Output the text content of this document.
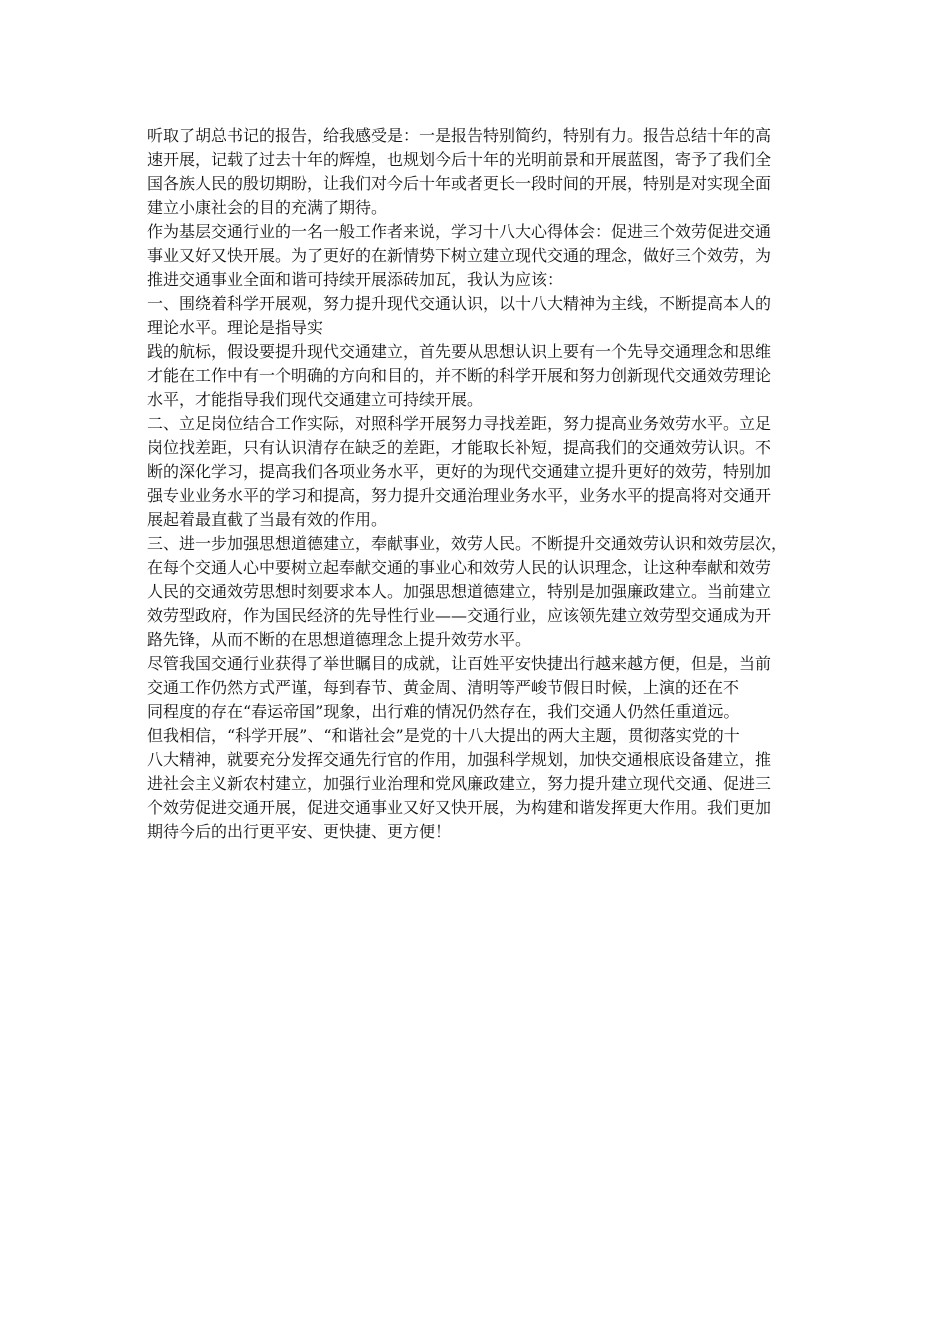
听取了胡总书记的报告，给我感受是：一是报告特别简约，特别有力。报告总结十年的高
速开展，记载了过去十年的辉煌，也规划今后十年的光明前景和开展蓝图，寄予了我们全
国各族人民的殷切期盼，让我们对今后十年或者更长一段时间的开展，特别是对实现全面
建立小康社会的目的充满了期待。
作为基层交通行业的一名一般工作者来说，学习十八大心得体会：促进三个效劳促进交通
事业又好又快开展。为了更好的在新情势下树立建立现代交通的理念，做好三个效劳，为
推进交通事业全面和谐可持续开展添砖加瓦，我认为应该：
一、围绕着科学开展观，努力提升现代交通认识，以十八大精神为主线，不断提高本人的
理论水平。理论是指导实
践的航标，假设要提升现代交通建立，首先要从思想认识上要有一个先导交通理念和思维
才能在工作中有一个明确的方向和目的，并不断的科学开展和努力创新现代交通效劳理论
水平，才能指导我们现代交通建立可持续开展。
二、立足岗位结合工作实际，对照科学开展努力寻找差距，努力提高业务效劳水平。立足
岗位找差距，只有认识清存在缺乏的差距，才能取长补短，提高我们的交通效劳认识。不
断的深化学习，提高我们各项业务水平，更好的为现代交通建立提升更好的效劳，特别加
强专业业务水平的学习和提高，努力提升交通治理业务水平，业务水平的提高将对交通开
展起着最直截了当最有效的作用。
三、进一步加强思想道德建立，奉献事业，效劳人民。不断提升交通效劳认识和效劳层次，
在每个交通人心中要树立起奉献交通的事业心和效劳人民的认识理念，让这种奉献和效劳
人民的交通效劳思想时刻要求本人。加强思想道德建立，特别是加强廉政建立。当前建立
效劳型政府，作为国民经济的先导性行业——交通行业，应该领先建立效劳型交通成为开
路先锋，从而不断的在思想道德理念上提升效劳水平。
尽管我国交通行业获得了举世瞩目的成就，让百姓平安快捷出行越来越方便，但是，当前
交通工作仍然方式严谨，每到春节、黄金周、清明等严峻节假日时候，上演的还在不
同程度的存在“春运帝国”现象，出行难的情况仍然存在，我们交通人仍然任重道远。
但我相信，“科学开展”、“和谐社会”是党的十八大提出的两大主题，贯彻落实党的十
八大精神，就要充分发挥交通先行官的作用，加强科学规划，加快交通根底设备建立，推
进社会主义新农村建立，加强行业治理和党风廉政建立，努力提升建立现代交通、促进三
个效劳促进交通开展，促进交通事业又好又快开展，为构建和谐发挥更大作用。我们更加
期待今后的出行更平安、更快捷、更方便！
